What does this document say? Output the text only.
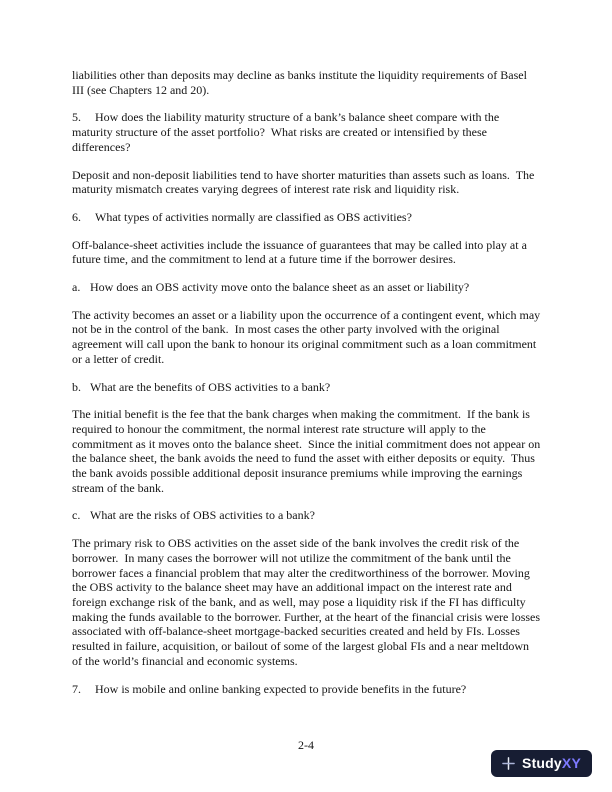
liabilities other than deposits may decline as banks institute the liquidity requirements of Basel III (see Chapters 12 and 20).

5. How does the liability maturity structure of a bank’s balance sheet compare with the maturity structure of the asset portfolio?  What risks are created or intensified by these differences?

Deposit and non-deposit liabilities tend to have shorter maturities than assets such as loans.  The maturity mismatch creates varying degrees of interest rate risk and liquidity risk.

6. What types of activities normally are classified as OBS activities?

Off-balance-sheet activities include the issuance of guarantees that may be called into play at a future time, and the commitment to lend at a future time if the borrower desires.

a. How does an OBS activity move onto the balance sheet as an asset or liability?

The activity becomes an asset or a liability upon the occurrence of a contingent event, which may not be in the control of the bank.  In most cases the other party involved with the original agreement will call upon the bank to honour its original commitment such as a loan commitment or a letter of credit.

b. What are the benefits of OBS activities to a bank?

The initial benefit is the fee that the bank charges when making the commitment.  If the bank is required to honour the commitment, the normal interest rate structure will apply to the commitment as it moves onto the balance sheet.  Since the initial commitment does not appear on the balance sheet, the bank avoids the need to fund the asset with either deposits or equity.  Thus the bank avoids possible additional deposit insurance premiums while improving the earnings stream of the bank.

c. What are the risks of OBS activities to a bank?

The primary risk to OBS activities on the asset side of the bank involves the credit risk of the borrower.  In many cases the borrower will not utilize the commitment of the bank until the borrower faces a financial problem that may alter the creditworthiness of the borrower. Moving the OBS activity to the balance sheet may have an additional impact on the interest rate and foreign exchange risk of the bank, and as well, may pose a liquidity risk if the FI has difficulty making the funds available to the borrower. Further, at the heart of the financial crisis were losses associated with off-balance-sheet mortgage-backed securities created and held by FIs. Losses resulted in failure, acquisition, or bailout of some of the largest global FIs and a near meltdown of the world’s financial and economic systems.

7. How is mobile and online banking expected to provide benefits in the future?

2-4
StudyXY
